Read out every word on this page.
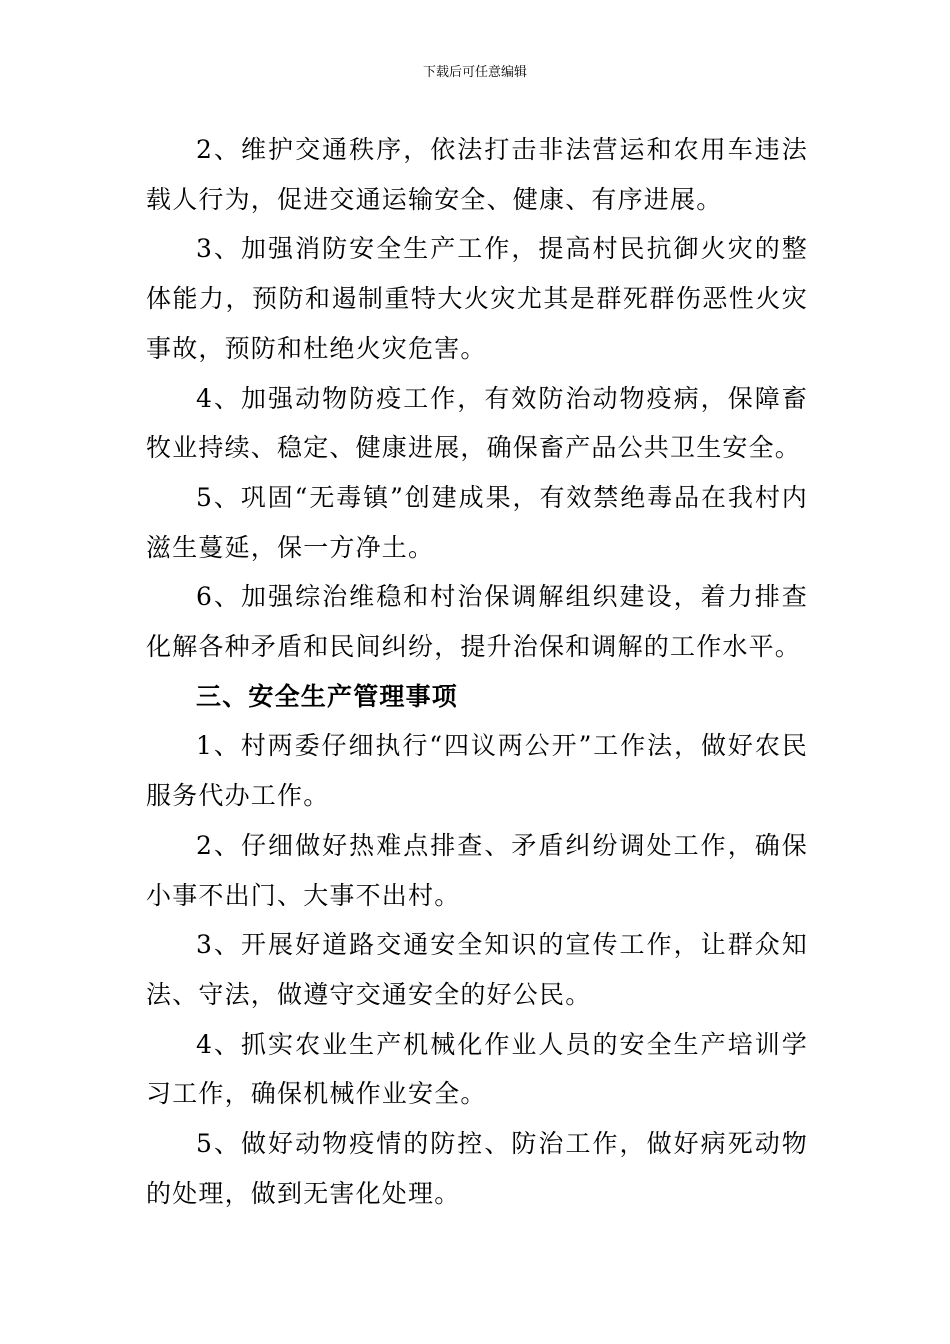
下载后可任意编辑

2、维护交通秩序，依法打击非法营运和农用车违法载人行为，促进交通运输安全、健康、有序进展。

3、加强消防安全生产工作，提高村民抗御火灾的整体能力，预防和遏制重特大火灾尤其是群死群伤恶性火灾事故，预防和杜绝火灾危害。

4、加强动物防疫工作，有效防治动物疫病，保障畜牧业持续、稳定、健康进展，确保畜产品公共卫生安全。

5、巩固“无毒镇”创建成果，有效禁绝毒品在我村内滋生蔓延，保一方净土。

6、加强综治维稳和村治保调解组织建设，着力排查化解各种矛盾和民间纠纷，提升治保和调解的工作水平。

三、安全生产管理事项

1、村两委仔细执行“四议两公开”工作法，做好农民服务代办工作。

2、仔细做好热难点排查、矛盾纠纷调处工作，确保小事不出门、大事不出村。

3、开展好道路交通安全知识的宣传工作，让群众知法、守法，做遵守交通安全的好公民。

4、抓实农业生产机械化作业人员的安全生产培训学习工作，确保机械作业安全。

5、做好动物疫情的防控、防治工作，做好病死动物的处理，做到无害化处理。
